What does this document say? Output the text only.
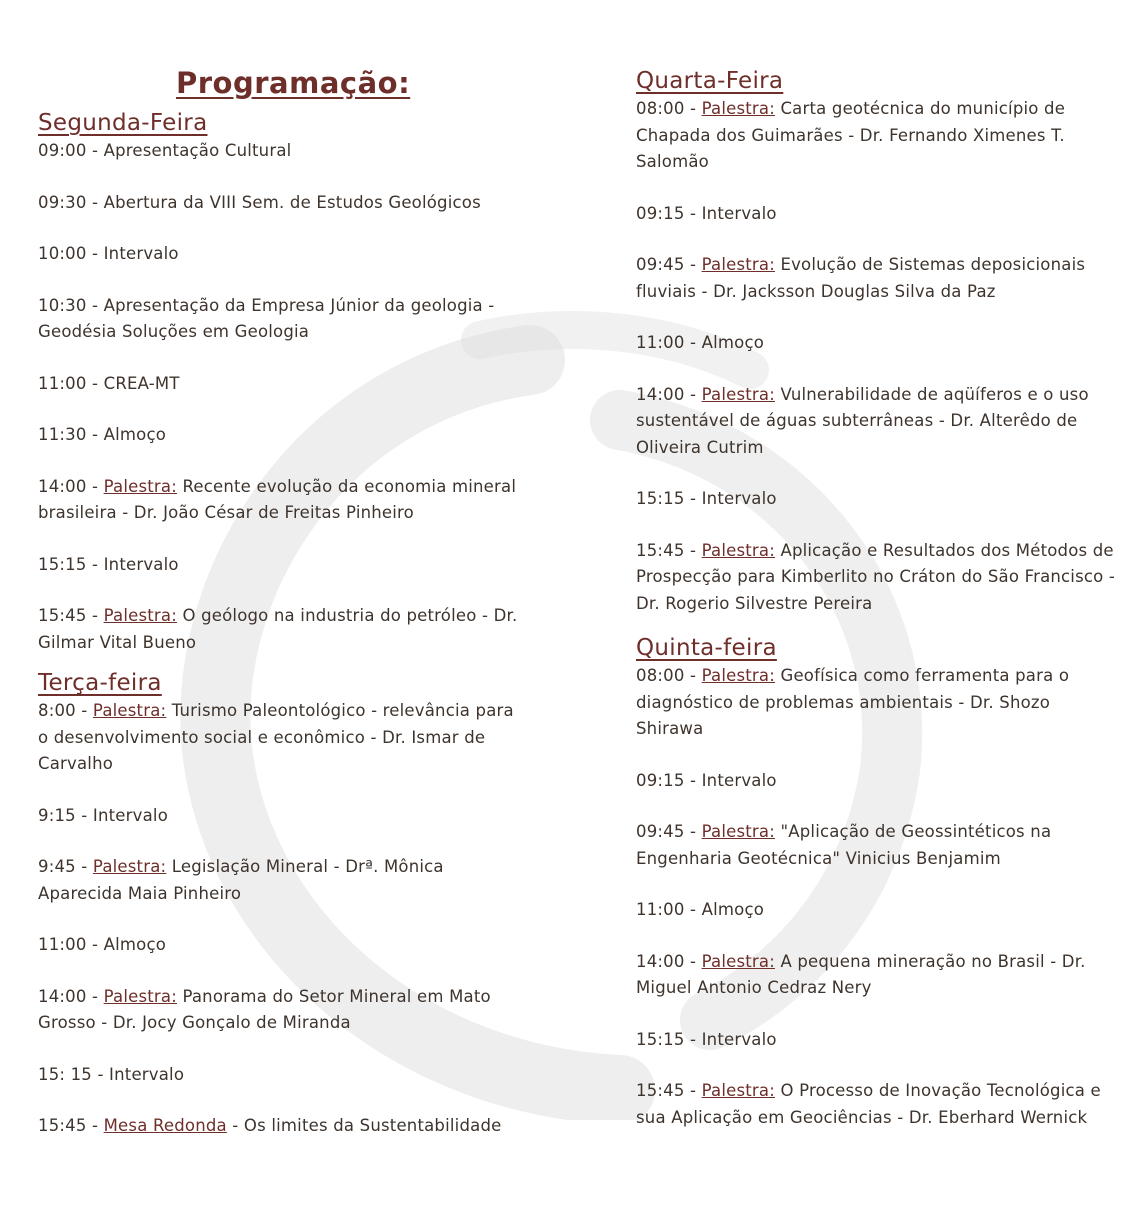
Programação:
Segunda-Feira
09:00 - Apresentação Cultural
09:30 - Abertura da VIII Sem. de Estudos Geológicos
10:00 - Intervalo
10:30 - Apresentação da Empresa Júnior da geologia - Geodésia Soluções em Geologia
11:00 - CREA-MT
11:30 - Almoço
14:00 - Palestra: Recente evolução da economia mineral brasileira - Dr. João César de Freitas Pinheiro
15:15 - Intervalo
15:45 - Palestra: O geólogo na industria do petróleo - Dr. Gilmar Vital Bueno
Terça-feira
8:00 - Palestra: Turismo Paleontológico - relevância para o desenvolvimento social e econômico - Dr. Ismar de Carvalho
9:15 - Intervalo
9:45 - Palestra: Legislação Mineral - Drª. Mônica Aparecida Maia Pinheiro
11:00 - Almoço
14:00 - Palestra: Panorama do Setor Mineral em Mato Grosso - Dr. Jocy Gonçalo de Miranda
15: 15 - Intervalo
15:45 - Mesa Redonda - Os limites da Sustentabilidade
Quarta-Feira
08:00 - Palestra: Carta geotécnica do município de Chapada dos Guimarães - Dr. Fernando Ximenes T. Salomão
09:15 - Intervalo
09:45 - Palestra: Evolução de Sistemas deposicionais fluviais - Dr. Jacksson Douglas Silva da Paz
11:00 - Almoço
14:00 - Palestra: Vulnerabilidade de aqüíferos e o uso sustentável de águas subterrâneas - Dr. Alterêdo de Oliveira Cutrim
15:15 - Intervalo
15:45 - Palestra: Aplicação e Resultados dos Métodos de Prospecção para Kimberlito no Cráton do São Francisco - Dr. Rogerio Silvestre Pereira
Quinta-feira
08:00 - Palestra: Geofísica como ferramenta para o diagnóstico de problemas ambientais - Dr. Shozo Shirawa
09:15 - Intervalo
09:45 - Palestra: "Aplicação de Geossintéticos na Engenharia Geotécnica" Vinicius Benjamim
11:00 - Almoço
14:00 - Palestra: A pequena mineração no Brasil - Dr. Miguel Antonio Cedraz Nery
15:15 - Intervalo
15:45 - Palestra: O Processo de Inovação Tecnológica e sua Aplicação em Geociências - Dr. Eberhard Wernick
